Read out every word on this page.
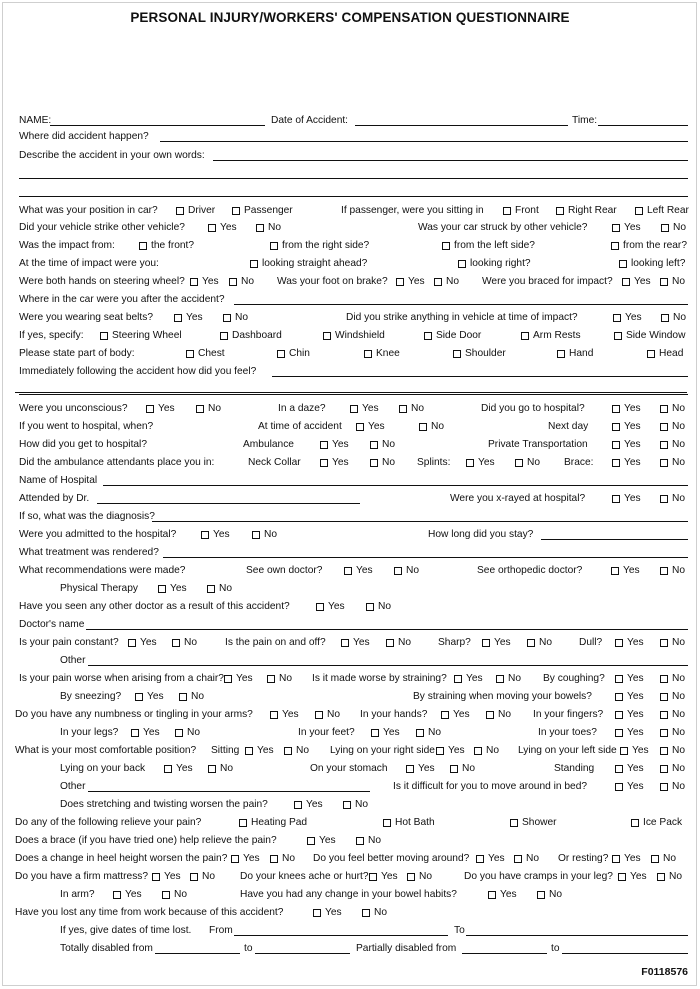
PERSONAL INJURY/WORKERS' COMPENSATION QUESTIONNAIRE
NAME:	Date of Accident:	Time:
Where did accident happen?
Describe the accident in your own words:
What was your position in car?	Driver	Passenger	If passenger, were you sitting in	Front	Right Rear	Left Rear
Did your vehicle strike other vehicle?	Yes	No	Was your car struck by other vehicle?	Yes	No
Was the impact from:	the front?	from the right side?	from the left side?	from the rear?
At the time of impact were you:	looking straight ahead?	looking right?	looking left?
Were both hands on steering wheel? Yes No Was your foot on brake? Yes No Were you braced for impact? Yes No
Where in the car were you after the accident?
Were you wearing seat belts?	Yes	No	Did you strike anything in vehicle at time of impact?	Yes	No
If yes, specify:	Steering Wheel	Dashboard	Windshield	Side Door	Arm Rests	Side Window
Please state part of body:	Chest	Chin	Knee	Shoulder	Hand	Head
Immediately following the accident how did you feel?
Were you unconscious?	Yes	No	In a daze?	Yes	No	Did you go to hospital?	Yes	No
If you went to hospital, when?	At time of accident	Yes	No	Next day	Yes	No
How did you get to hospital?	Ambulance	Yes	No	Private Transportation	Yes	No
Did the ambulance attendants place you in:	Neck Collar	Yes	No Splints:	Yes	No Brace:	Yes	No
Name of Hospital
Attended by Dr.	Were you x-rayed at hospital?	Yes	No
If so, what was the diagnosis?
Were you admitted to the hospital?	Yes	No	How long did you stay?
What treatment was rendered?
What recommendations were made?	See own doctor?	Yes	No	See orthopedic doctor?	Yes	No
Physical Therapy	Yes	No
Have you seen any other doctor as a result of this accident?	Yes	No
Doctor's name
Is your pain constant? Yes	No	Is the pain on and off?	Yes	No	Sharp? Yes	No	Dull? Yes	No
Other
Is your pain worse when arising from a chair? Yes	No Is it made worse by straining? Yes No By coughing? Yes	No
By sneezing?	Yes	No	By straining when moving your bowels?	Yes	No
Do you have any numbness or tingling in your arms?	Yes	No In your hands?	Yes	No In your fingers? Yes	No
In your legs? Yes	No	In your feet?	Yes	No	In your toes?	Yes	No
What is your most comfortable position? Sitting Yes No Lying on your right side Yes No Lying on your left side Yes No
Lying on your back	Yes	No	On your stomach	Yes	No	Standing	Yes	No
Other	Is it difficult for you to move around in bed?	Yes	No
Does stretching and twisting worsen the pain?	Yes	No
Do any of the following relieve your pain?	Heating Pad	Hot Bath	Shower	Ice Pack
Does a brace (if you have tried one) help relieve the pain?	Yes	No
Does a change in heel height worsen the pain? Yes No Do you feel better moving around? Yes No Or resting? Yes No
Do you have a firm mattress? Yes No Do your knees ache or hurt? Yes No	Do you have cramps in your leg? Yes No
In arm?	Yes	No	Have you had any change in your bowel habits?	Yes	No
Have you lost any time from work because of this accident?	Yes	No
If yes, give dates of time lost. From	To
Totally disabled from	to	Partially disabled from	to
F0118576
